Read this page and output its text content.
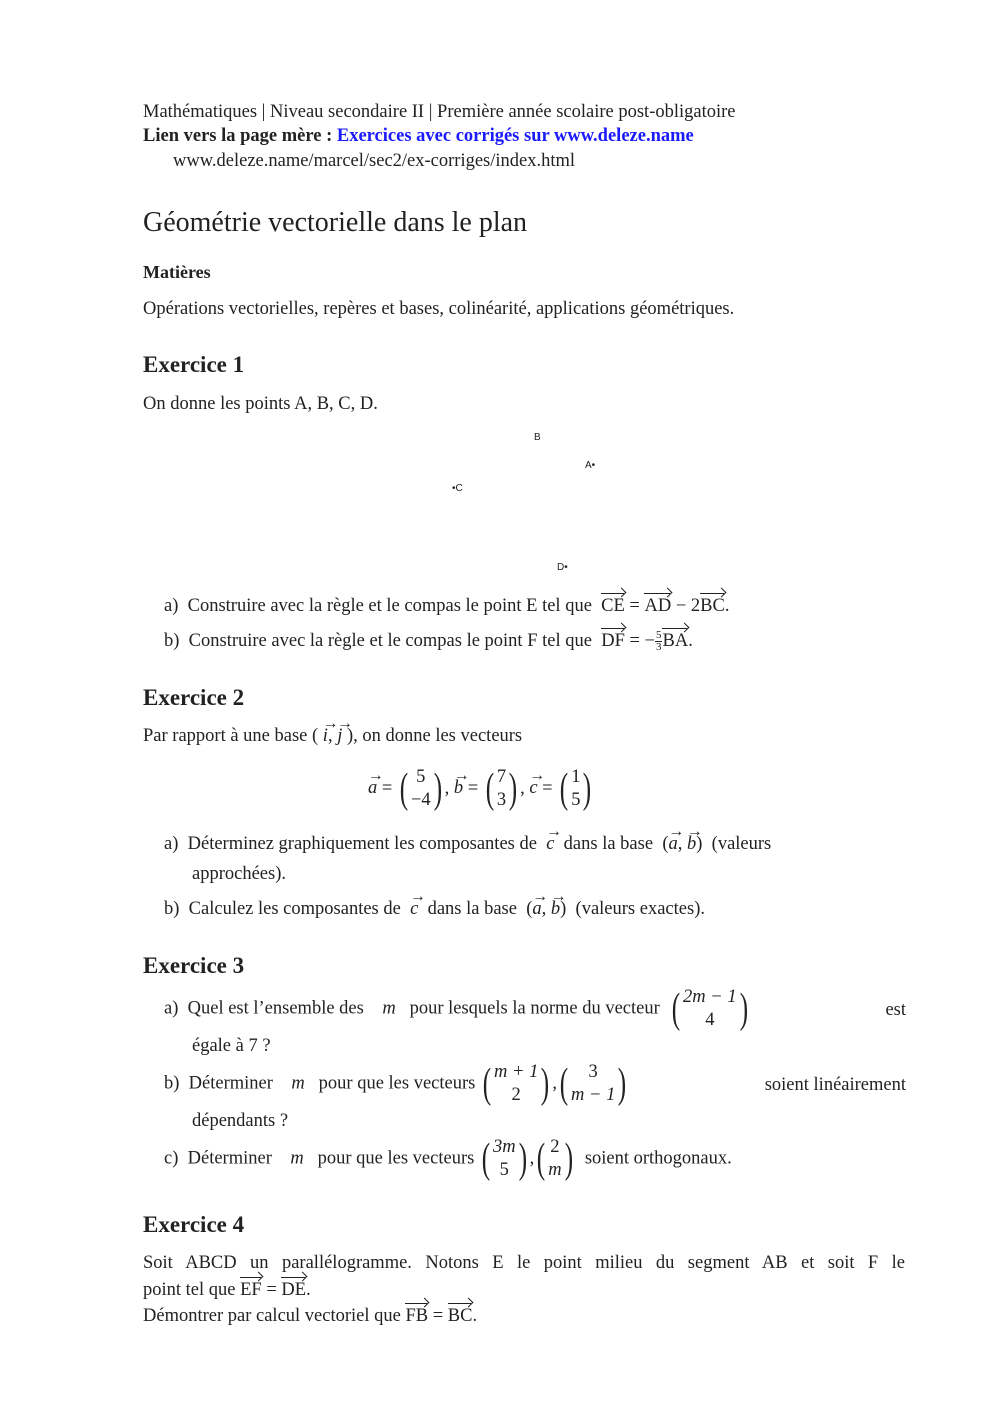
Mathématiques | Niveau secondaire II | Première année scolaire post-obligatoire
Lien vers la page mère : Exercices avec corrigés sur www.deleze.name
www.deleze.name/marcel/sec2/ex-corriges/index.html
Géométrie vectorielle dans le plan
Matières
Opérations vectorielles, repères et bases, colinéarité, applications géométriques.
Exercice 1
On donne les points A, B, C, D.
B
A•
•C
D•
a) Construire avec la règle et le compas le point E tel que CE = AD − 2BC.
b) Construire avec la règle et le compas le point F tel que DF = − $\frac{5}{3}$ BA.
Exercice 2
Par rapport à une base ( → i, → j ), on donne les vecteurs
→ a = ( 5
−4) , → b = ( 7
3) , → c = ( 1
5)
a) Déterminez graphiquement les composantes de → c dans la base  (→ a, → b)  (valeurs
approchées).
b) Calculez les composantes de → c dans la base  (→ a, → b)  (valeurs exactes).
Exercice 3
a) Quel est l’ensemble des m pour lesquels la norme du vecteur ( 2m − 1
4 )	est
égale à 7 ?
b) Déterminer m pour que les vecteurs ( m + 1
2 ) ,( 3
m − 1)	soient linéairement
dépendants ?
c) Déterminer m pour que les vecteurs ( 3m
5 ) ,( 2
m) soient orthogonaux.
Exercice 4
Soit ABCD un parallélogramme. Notons E le point milieu du segment AB et soit F le
point tel que EF = DE.
Démontrer par calcul vectoriel que FB = BC.
